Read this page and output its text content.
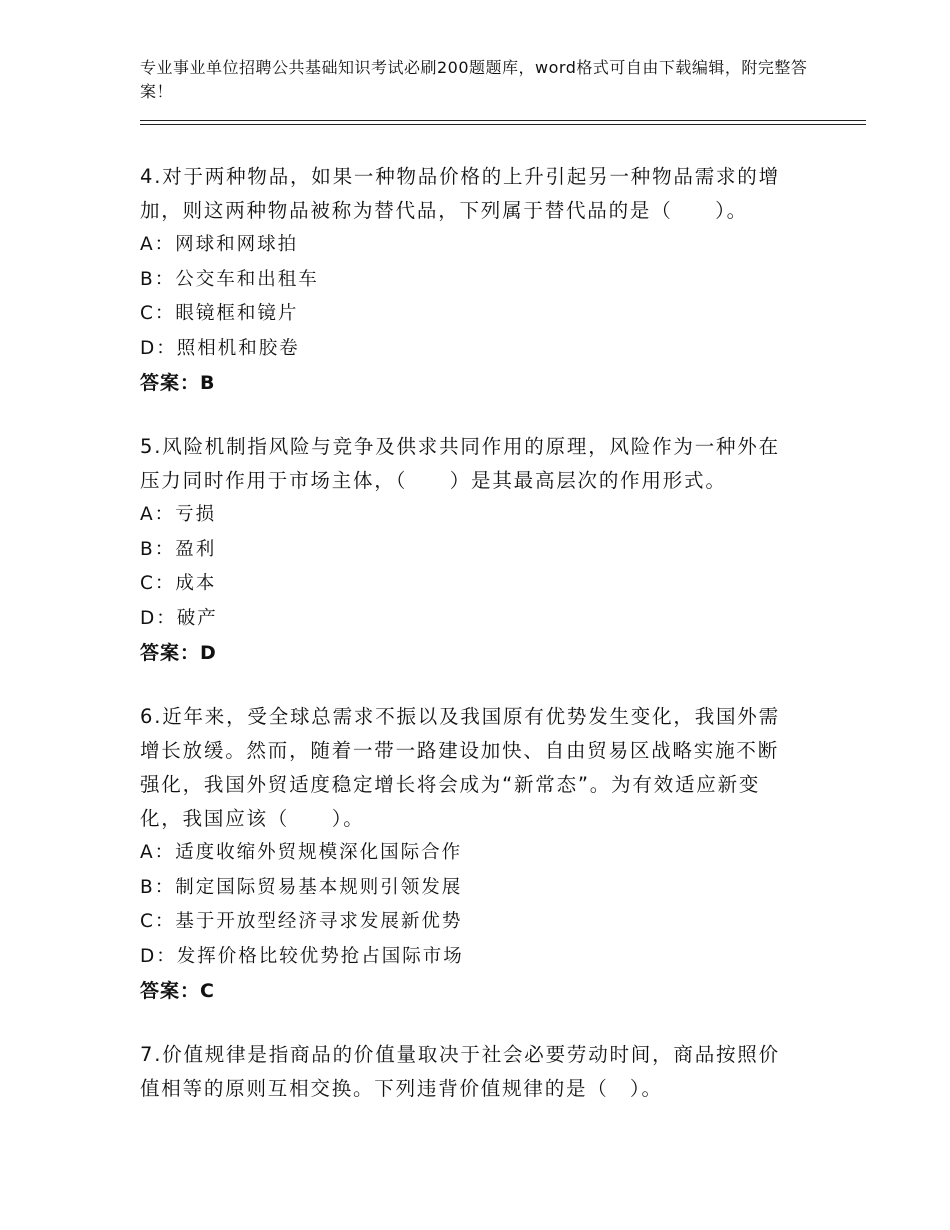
专业事业单位招聘公共基础知识考试必刷200题题库，word格式可自由下载编辑，附完整答案！

4.对于两种物品，如果一种物品价格的上升引起另一种物品需求的增加，则这两种物品被称为替代品，下列属于替代品的是（　　）。

A：网球和网球拍

B：公交车和出租车

C：眼镜框和镜片

D：照相机和胶卷

答案：B

5.风险机制指风险与竞争及供求共同作用的原理，风险作为一种外在压力同时作用于市场主体，（　　）是其最高层次的作用形式。

A：亏损

B：盈利

C：成本

D：破产

答案：D

6.近年来，受全球总需求不振以及我国原有优势发生变化，我国外需增长放缓。然而，随着一带一路建设加快、自由贸易区战略实施不断强化，我国外贸适度稳定增长将会成为“新常态”。为有效适应新变化，我国应该（　　）。

A：适度收缩外贸规模深化国际合作

B：制定国际贸易基本规则引领发展

C：基于开放型经济寻求发展新优势

D：发挥价格比较优势抢占国际市场

答案：C

7.价值规律是指商品的价值量取决于社会必要劳动时间，商品按照价值相等的原则互相交换。下列违背价值规律的是（　）。
